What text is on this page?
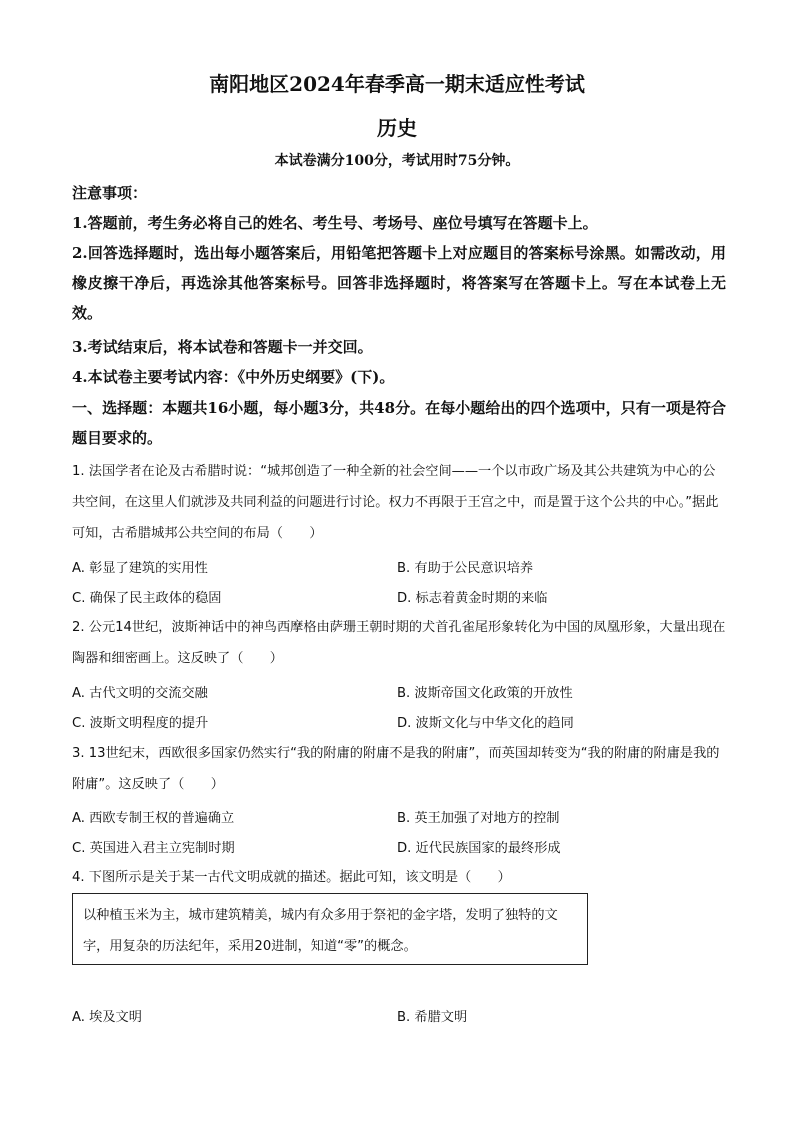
南阳地区2024年春季高一期末适应性考试
历史
本试卷满分100分，考试用时75分钟。
注意事项：
1.答题前，考生务必将自己的姓名、考生号、考场号、座位号填写在答题卡上。
2.回答选择题时，选出每小题答案后，用铅笔把答题卡上对应题目的答案标号涂黑。如需改动，用橡皮擦干净后，再选涂其他答案标号。回答非选择题时，将答案写在答题卡上。写在本试卷上无效。
3.考试结束后，将本试卷和答题卡一并交回。
4.本试卷主要考试内容：《中外历史纲要》(下)。
一、选择题：本题共16小题，每小题3分，共48分。在每小题给出的四个选项中，只有一项是符合题目要求的。
1. 法国学者在论及古希腊时说：“城邦创造了一种全新的社会空间——一个以市政广场及其公共建筑为中心的公共空间，在这里人们就涉及共同利益的问题进行讨论。权力不再限于王宫之中，而是置于这个公共的中心。”据此可知，古希腊城邦公共空间的布局（　　）
A. 彰显了建筑的实用性	B. 有助于公民意识培养
C. 确保了民主政体的稳固	D. 标志着黄金时期的来临
2. 公元14世纪，波斯神话中的神鸟西摩格由萨珊王朝时期的犬首孔雀尾形象转化为中国的凤凰形象，大量出现在陶器和细密画上。这反映了（　　）
A. 古代文明的交流交融	B. 波斯帝国文化政策的开放性
C. 波斯文明程度的提升	D. 波斯文化与中华文化的趋同
3. 13世纪末，西欧很多国家仍然实行“我的附庸的附庸不是我的附庸”，而英国却转变为“我的附庸的附庸是我的附庸”。这反映了（　　）
A. 西欧专制王权的普遍确立	B. 英王加强了对地方的控制
C. 英国进入君主立宪制时期	D. 近代民族国家的最终形成
4. 下图所示是关于某一古代文明成就的描述。据此可知，该文明是（　　）
以种植玉米为主，城市建筑精美，城内有众多用于祭祀的金字塔，发明了独特的文字，用复杂的历法纪年，采用20进制，知道“零”的概念。
A. 埃及文明	B. 希腊文明
